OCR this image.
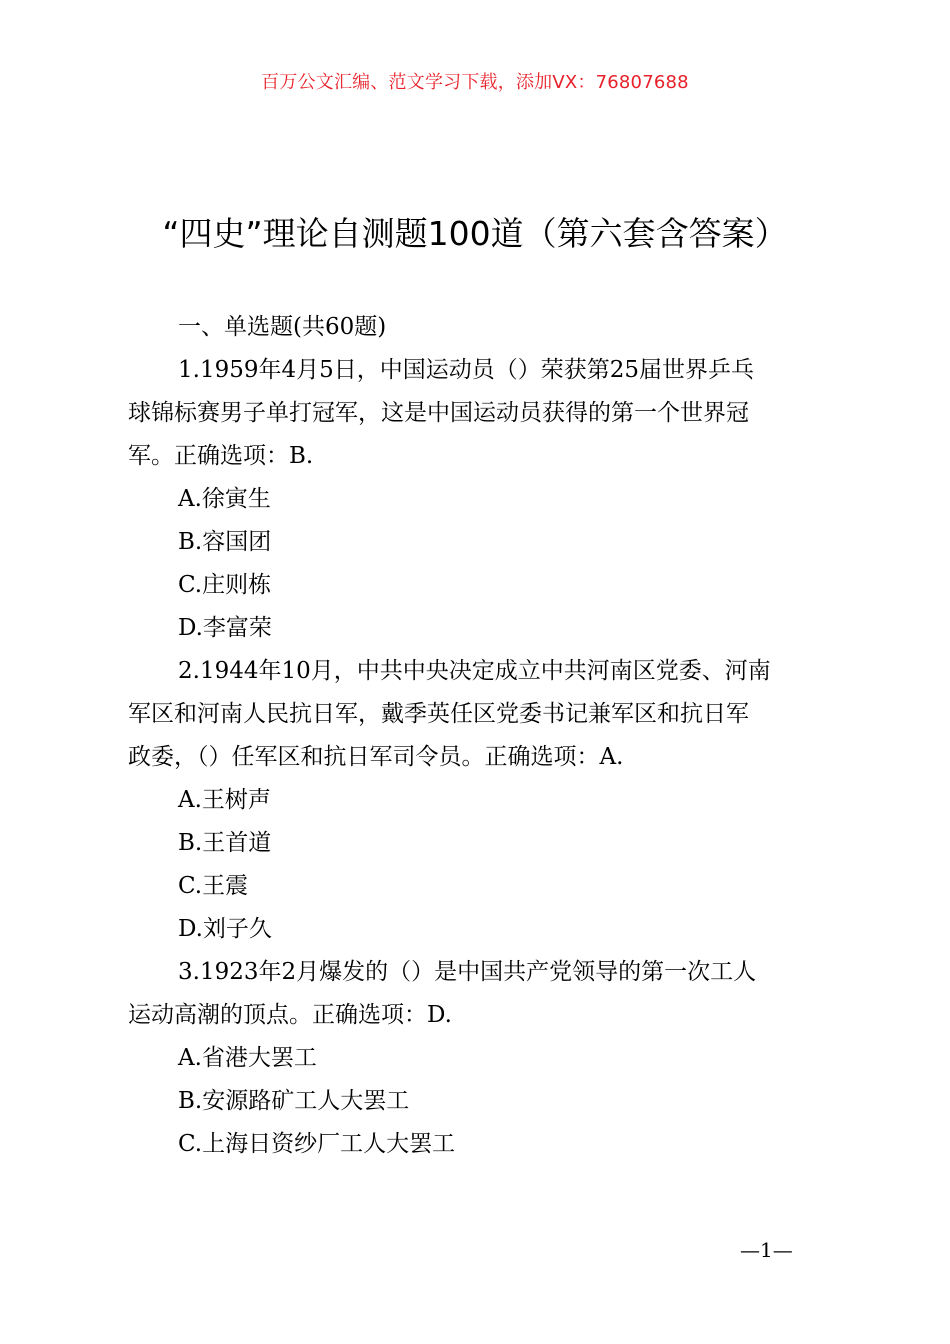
百万公文汇编、范文学习下载，添加VX：76807688
“四史”理论自测题100道（第六套含答案）
一、单选题(共60题)
1.1959年4月5日，中国运动员（）荣获第25届世界乒乓
球锦标赛男子单打冠军，这是中国运动员获得的第一个世界冠
军。正确选项：B.
A.徐寅生
B.容国团
C.庄则栋
D.李富荣
2.1944年10月，中共中央决定成立中共河南区党委、河南
军区和河南人民抗日军，戴季英任区党委书记兼军区和抗日军
政委，（）任军区和抗日军司令员。正确选项：A.
A.王树声
B.王首道
C.王震
D.刘子久
3.1923年2月爆发的（）是中国共产党领导的第一次工人
运动高潮的顶点。正确选项：D.
A.省港大罢工
B.安源路矿工人大罢工
C.上海日资纱厂工人大罢工
—1—
